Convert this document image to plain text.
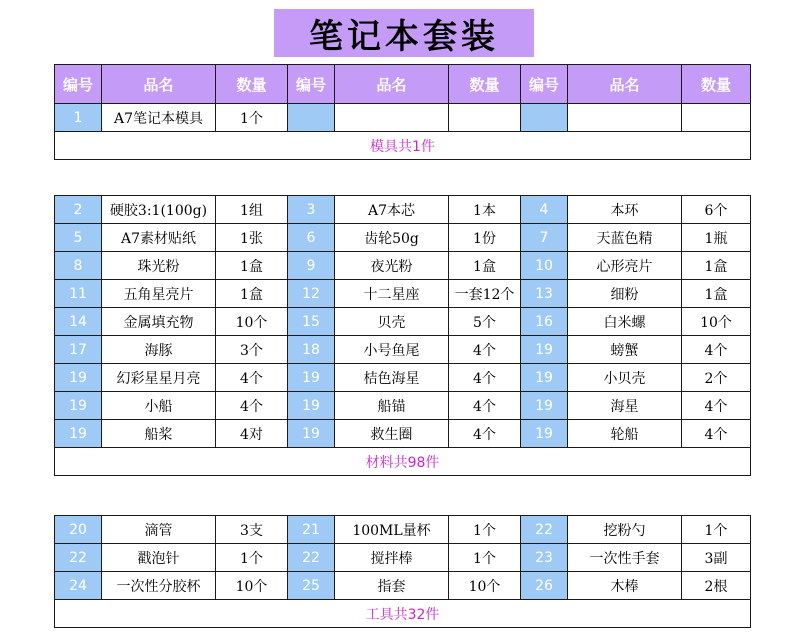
笔记本套装
编号	品名	数量	编号	品名	数量	编号	品名	数量
1	A7笔记本模具	1个						
模具共1件								
2	硬胶3:1(100g)	1组	3	A7本芯	1本	4	本环	6个
5	A7素材贴纸	1张	6	齿轮50g	1份	7	天蓝色精	1瓶
8	珠光粉	1盒	9	夜光粉	1盒	10	心形亮片	1盒
11	五角星亮片	1盒	12	十二星座	一套12个	13	细粉	1盒
14	金属填充物	10个	15	贝壳	5个	16	白米螺	10个
17	海豚	3个	18	小号鱼尾	4个	19	螃蟹	4个
19	幻彩星星月亮	4个	19	桔色海星	4个	19	小贝壳	2个
19	小船	4个	19	船锚	4个	19	海星	4个
19	船桨	4对	19	救生圈	4个	19	轮船	4个
材料共98件								
20	滴管	3支	21	100ML量杯	1个	22	挖粉勺	1个
22	戳泡针	1个	22	搅拌棒	1个	23	一次性手套	3副
24	一次性分胶杯	10个	25	指套	10个	26	木棒	2根
工具共32件								
